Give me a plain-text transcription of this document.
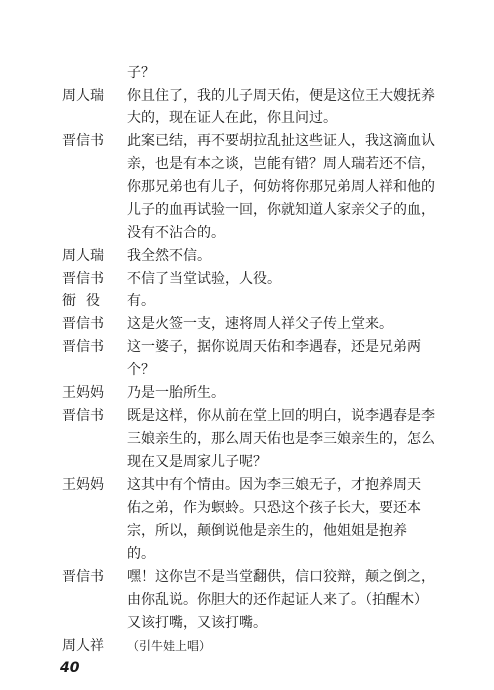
子？
周人瑞	你且住了，我的儿子周天佑，便是这位王大嫂抚养
大的，现在证人在此，你且问过。
晋信书	此案已结，再不要胡拉乱扯这些证人，我这滴血认
亲，也是有本之谈，岂能有错？周人瑞若还不信，
你那兄弟也有儿子，何妨将你那兄弟周人祥和他的
儿子的血再试验一回，你就知道人家亲父子的血，
没有不沾合的。
周人瑞	我全然不信。
晋信书	不信了当堂试验，人役。
衙役	有。
晋信书	这是火签一支，速将周人祥父子传上堂来。
晋信书	这一婆子，据你说周天佑和李遇春，还是兄弟两
个？
王妈妈	乃是一胎所生。
晋信书	既是这样，你从前在堂上回的明白，说李遇春是李
三娘亲生的，那么周天佑也是李三娘亲生的，怎么
现在又是周家儿子呢？
王妈妈	这其中有个情由。因为李三娘无子，才抱养周天
佑之弟，作为螟蛉。只恐这个孩子长大，要还本
宗，所以，颠倒说他是亲生的，他姐姐是抱养
的。
晋信书	嘿！这你岂不是当堂翻供，信口狡辩，颠之倒之，
由你乱说。你胆大的还作起证人来了。（拍醒木）
又该打嘴，又该打嘴。
周人祥	（引牛娃上唱）
40
